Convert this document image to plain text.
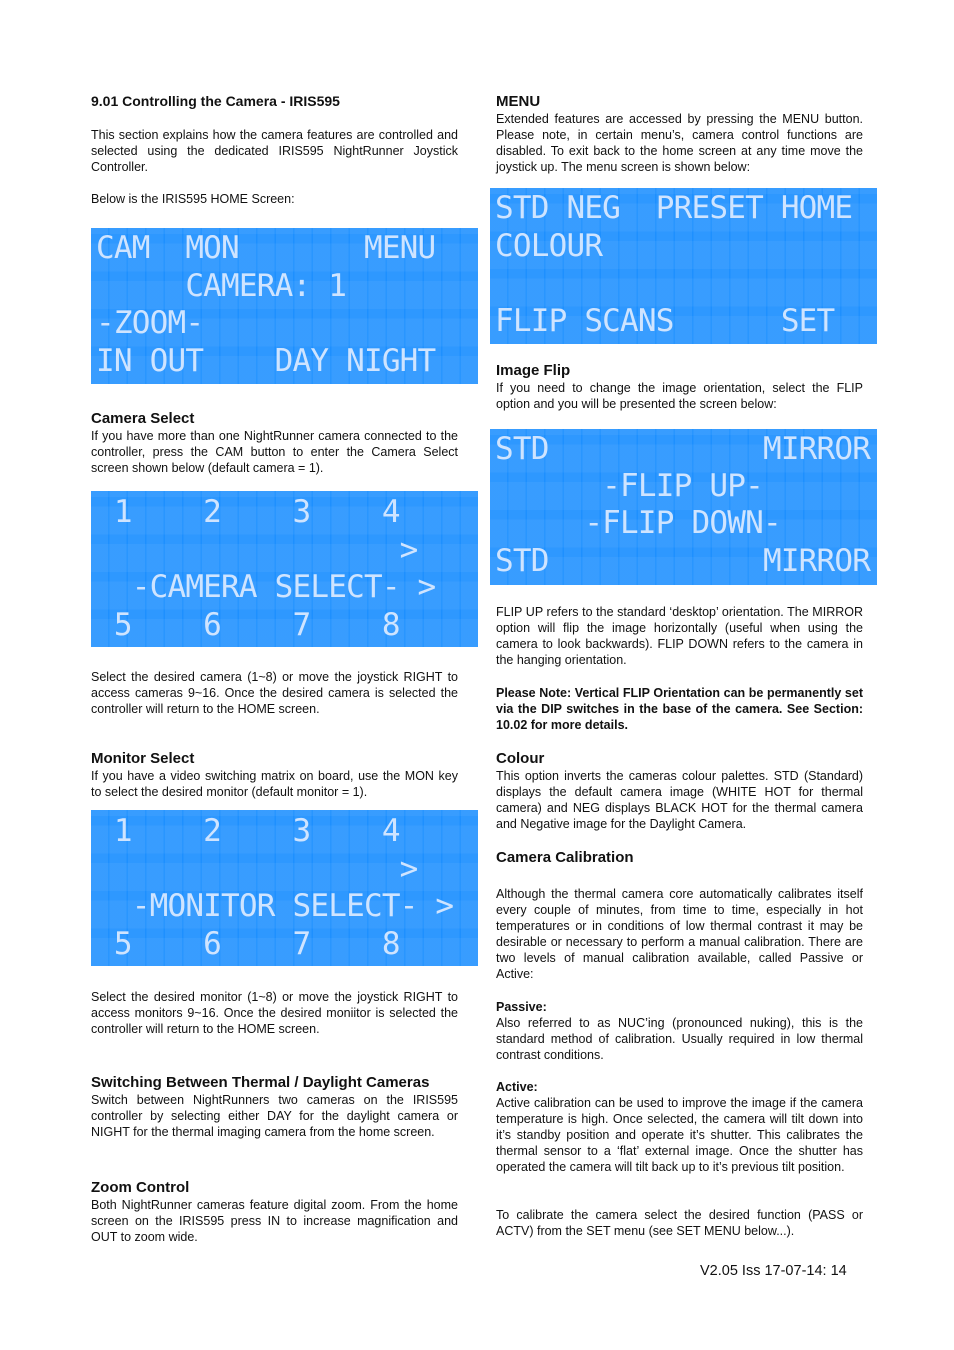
9.01 Controlling the Camera - IRIS595

This section explains how the camera features are controlled and selected using the dedicated IRIS595 NightRunner Joystick Controller.

Below is the IRIS595 HOME Screen:

CAM  MON       MENU
CAMERA: 1
-ZOOM-
IN OUT    DAY NIGHT
Camera Select

If you have more than one NightRunner camera connected to the controller, press the CAM button to enter the Camera Select screen shown below (default camera = 1).

1    2    3    4
>
-CAMERA SELECT- >
5    6    7    8

Select the desired camera (1~8) or move the joystick RIGHT to access cameras 9~16. Once the desired camera is selected the controller will return to the HOME screen.

Monitor Select

If you have a video switching matrix on board, use the MON key to select the desired monitor (default monitor = 1).

1    2    3    4
>
-MONITOR SELECT- >
5    6    7    8

Select the desired monitor (1~8) or move the joystick RIGHT to access monitors 9~16. Once the desired moniitor is selected the controller will return to the HOME screen.

Switching Between Thermal / Daylight Cameras

Switch between NightRunners two cameras on the IRIS595 controller by selecting either DAY for the daylight camera or NIGHT for the thermal imaging camera from the home screen.

Zoom Control

Both NightRunner cameras feature digital zoom. From the home screen on the IRIS595 press IN to increase magnification and OUT to zoom wide.

MENU

Extended features are accessed by pressing the MENU button. Please note, in certain menu’s, camera control functions are disabled. To exit back to the home screen at any time move the joystick up. The menu screen is shown below:

STD NEG  PRESET HOME
COLOUR
FLIP SCANS      SET
Image Flip

If you need to change the image orientation, select the FLIP option and you will be presented the screen below:

STD            MIRROR
-FLIP UP-
-FLIP DOWN-
STD            MIRROR

FLIP UP refers to the standard ‘desktop’ orientation. The MIRROR option will flip the image horizontally (useful when using the camera to look backwards). FLIP DOWN refers to the camera in the hanging orientation.

Please Note: Vertical FLIP Orientation can be permanently set via the DIP switches in the base of the camera. See Section: 10.02 for more details.

Colour

This option inverts the cameras colour palettes. STD (Standard) displays the default camera image (WHITE HOT for thermal camera) and NEG displays BLACK HOT for the thermal camera and Negative image for the Daylight Camera.

Camera Calibration

Although the thermal camera core automatically calibrates itself every couple of minutes, from time to time, especially in hot temperatures or in conditions of low thermal contrast it may be desirable or necessary to perform a manual calibration. There are two levels of manual calibration available, called Passive or Active:

Passive:

Also referred to as NUC’ing (pronounced nuking), this is the standard method of calibration. Usually required in low thermal contrast conditions.

Active:

Active calibration can be used to improve the image if the camera temperature is high. Once selected, the camera will tilt down into it’s standby position and operate it’s shutter. This calibrates the thermal sensor to a ‘flat’ external image. Once the shutter has operated the camera will tilt back up to it’s previous tilt position.

To calibrate the camera select the desired function (PASS or ACTV) from the SET menu (see SET MENU below...).

V2.05 Iss 17-07-14: 14
